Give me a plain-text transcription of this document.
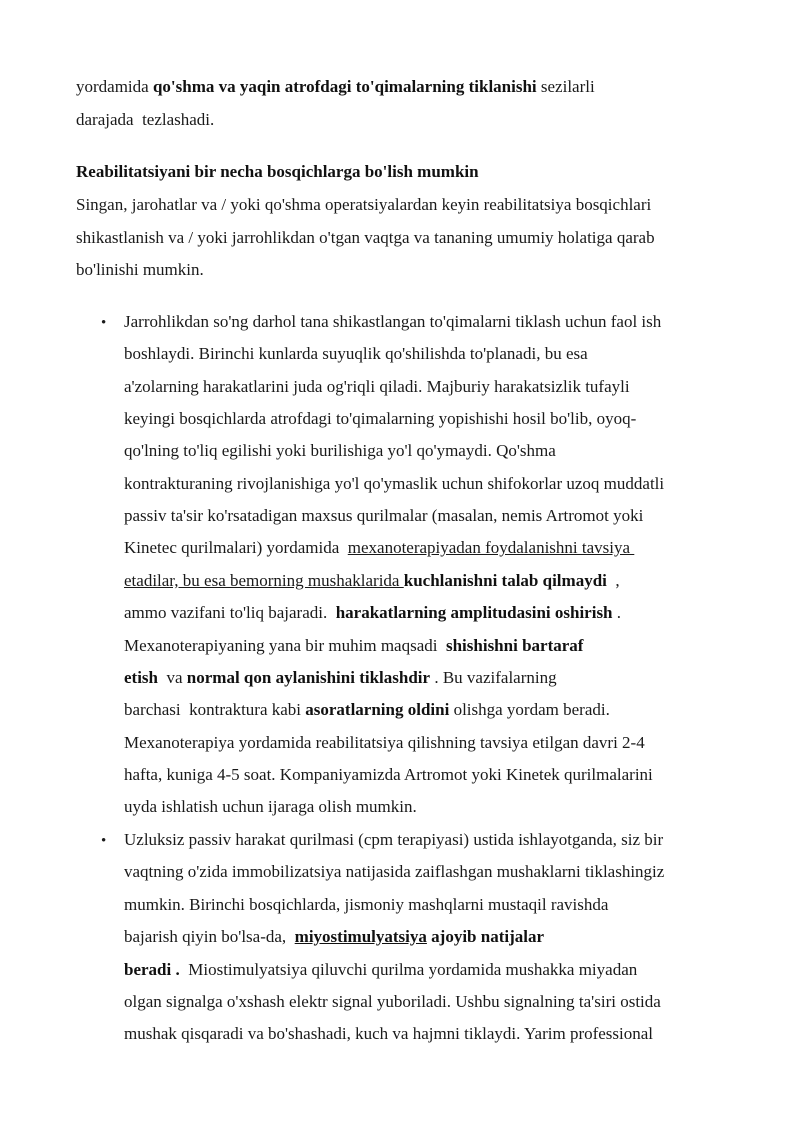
yordamida qo'shma va yaqin atrofdagi to'qimalarning tiklanishi sezilarli
darajada  tezlashadi.
Reabilitatsiyani bir necha bosqichlarga bo'lish mumkin
Singan, jarohatlar va / yoki qo'shma operatsiyalardan keyin reabilitatsiya bosqichlari
shikastlanish va / yoki jarrohlikdan o'tgan vaqtga va tananing umumiy holatiga qarab
bo'linishi mumkin.
• Jarrohlikdan so'ng darhol tana shikastlangan to'qimalarni tiklash uchun faol ish
boshlaydi. Birinchi kunlarda suyuqlik qo'shilishda to'planadi, bu esa
a'zolarning harakatlarini juda og'riqli qiladi. Majburiy harakatsizlik tufayli
keyingi bosqichlarda atrofdagi to'qimalarning yopishishi hosil bo'lib, oyoq-
qo'lning to'liq egilishi yoki burilishiga yo'l qo'ymaydi. Qo'shma
kontrakturaning rivojlanishiga yo'l qo'ymaslik uchun shifokorlar uzoq muddatli
passiv ta'sir ko'rsatadigan maxsus qurilmalar (masalan, nemis Artromot yoki
Kinetec qurilmalari) yordamida  mexanoterapiyadan foydalanishni tavsiya
etadilar, bu esa bemorning mushaklarida kuchlanishni talab qilmaydi  ,
ammo vazifani to'liq bajaradi.  harakatlarning amplitudasini oshirish .
Mexanoterapiyaning yana bir muhim maqsadi  shishishni bartaraf
etish  va normal qon aylanishini tiklashdir . Bu vazifalarning
barchasi  kontraktura kabi asoratlarning oldini olishga yordam beradi.
Mexanoterapiya yordamida reabilitatsiya qilishning tavsiya etilgan davri 2-4
hafta, kuniga 4-5 soat. Kompaniyamizda Artromot yoki Kinetek qurilmalarini
uyda ishlatish uchun ijaraga olish mumkin.
• Uzluksiz passiv harakat qurilmasi (cpm terapiyasi) ustida ishlayotganda, siz bir
vaqtning o'zida immobilizatsiya natijasida zaiflashgan mushaklarni tiklashingiz
mumkin. Birinchi bosqichlarda, jismoniy mashqlarni mustaqil ravishda
bajarish qiyin bo'lsa-da,  miyostimulyatsiya ajoyib natijalar
beradi .  Miostimulyatsiya qiluvchi qurilma yordamida mushakka miyadan
olgan signalga o'xshash elektr signal yuboriladi. Ushbu signalning ta'siri ostida
mushak qisqaradi va bo'shashadi, kuch va hajmni tiklaydi. Yarim professional
